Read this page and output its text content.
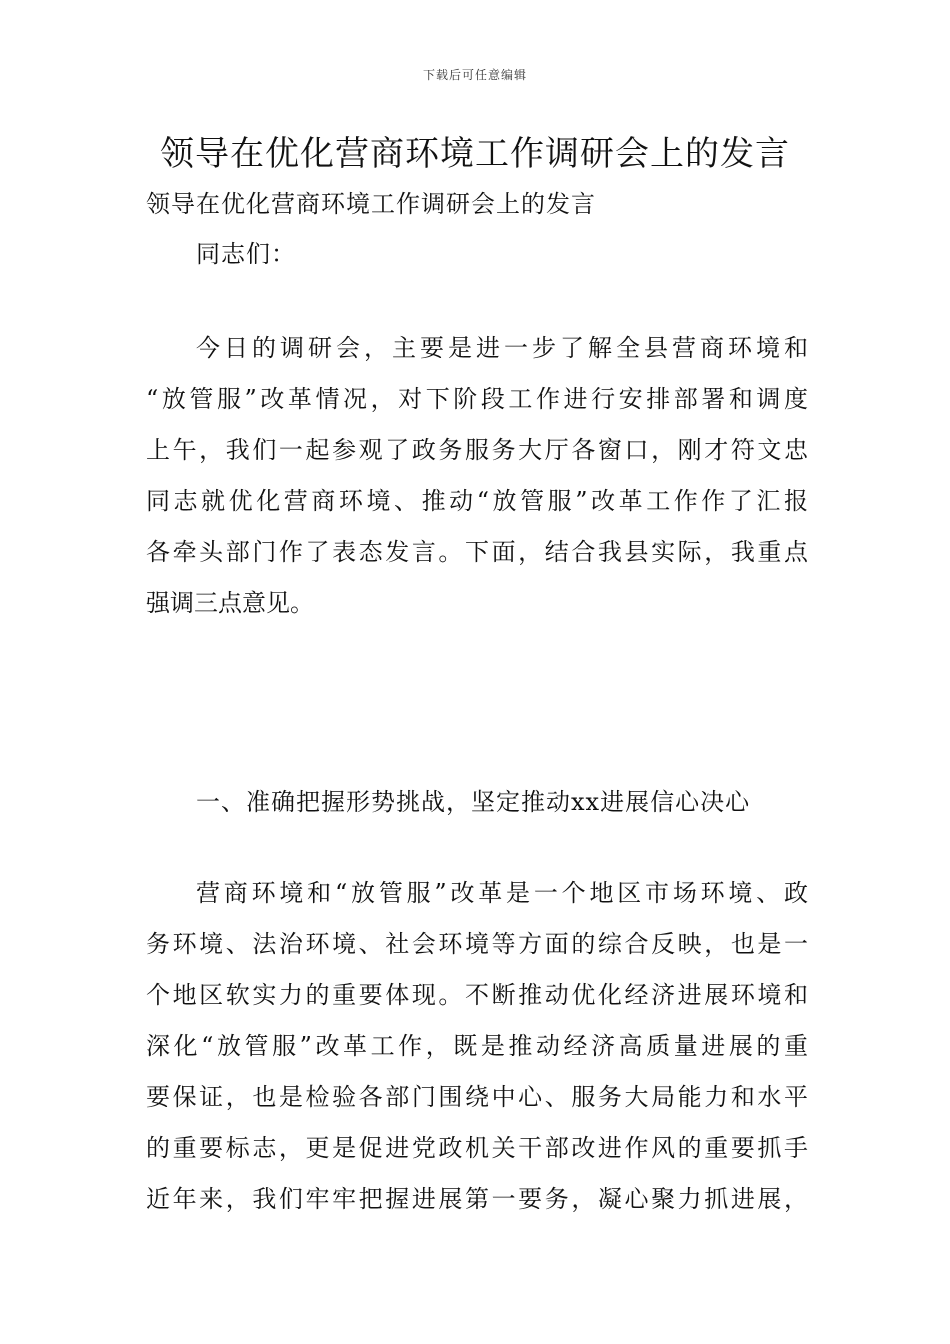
下载后可任意编辑
领导在优化营商环境工作调研会上的发言
领导在优化营商环境工作调研会上的发言
同志们：
今日的调研会，主要是进一步了解全县营商环境和
“放管服”改革情况，对下阶段工作进行安排部署和调度
上午，我们一起参观了政务服务大厅各窗口，刚才符文忠
同志就优化营商环境、推动“放管服”改革工作作了汇报
各牵头部门作了表态发言。下面，结合我县实际，我重点
强调三点意见。
一、准确把握形势挑战，坚定推动xx进展信心决心
营商环境和“放管服”改革是一个地区市场环境、政
务环境、法治环境、社会环境等方面的综合反映，也是一
个地区软实力的重要体现。不断推动优化经济进展环境和
深化“放管服”改革工作，既是推动经济高质量进展的重
要保证，也是检验各部门围绕中心、服务大局能力和水平
的重要标志，更是促进党政机关干部改进作风的重要抓手
近年来，我们牢牢把握进展第一要务，凝心聚力抓进展，
